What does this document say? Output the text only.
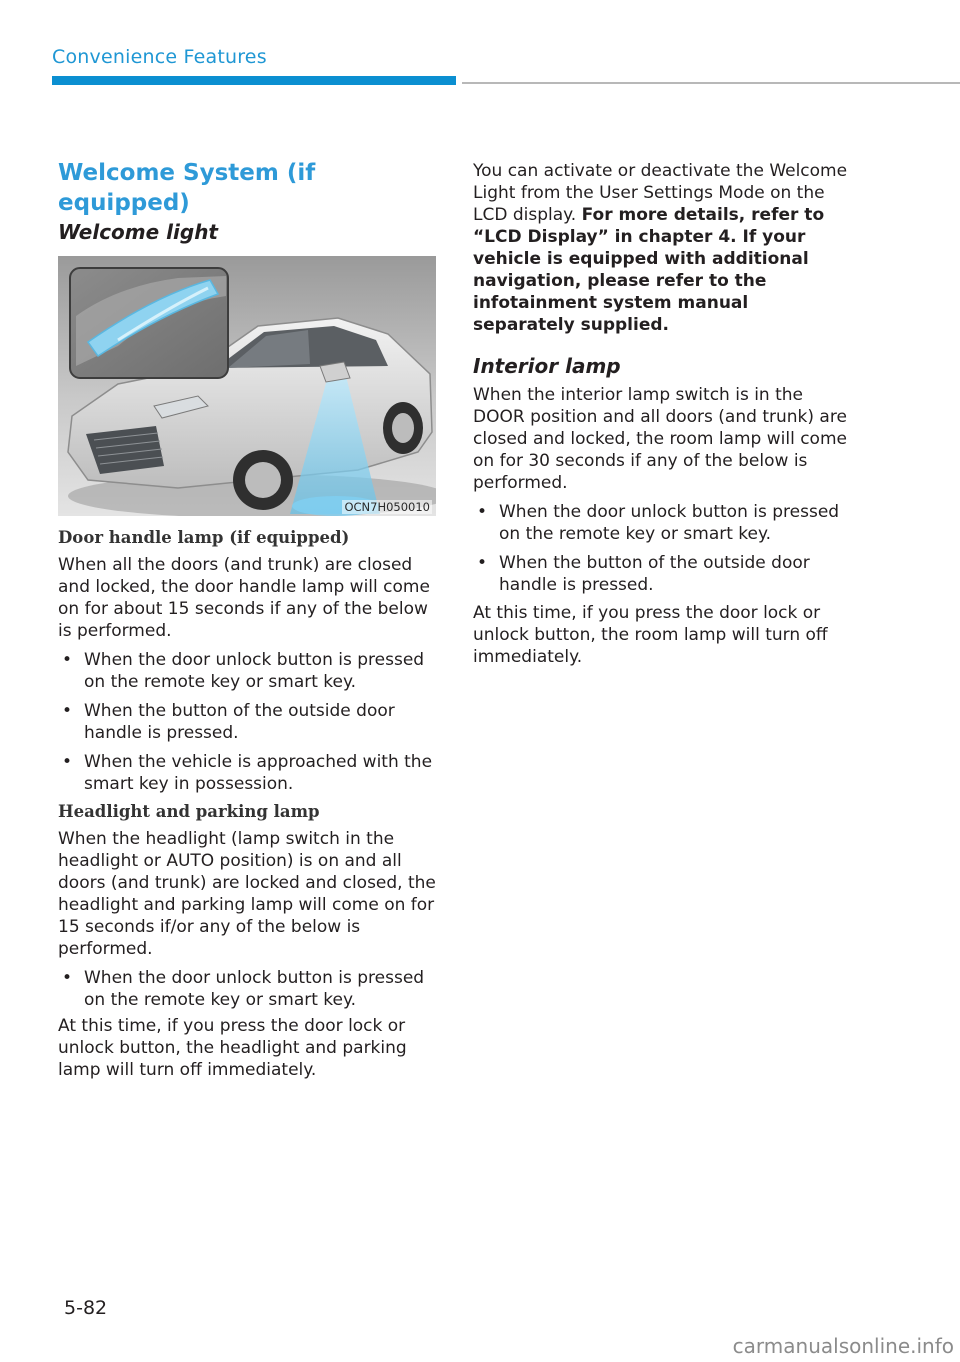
Convenience Features
Welcome System (if equipped)
Welcome light
OCN7H050010
Door handle lamp (if equipped)

When all the doors (and trunk) are closed and locked, the door handle lamp will come on for about 15 seconds if any of the below is performed.

• When the door unlock button is pressed on the remote key or smart key.
• When the button of the outside door handle is pressed.
• When the vehicle is approached with the smart key in possession.
Headlight and parking lamp

When the headlight (lamp switch in the headlight or AUTO position) is on and all doors (and trunk) are locked and closed, the headlight and parking lamp will come on for 15 seconds if/or any of the below is performed.

• When the door unlock button is pressed on the remote key or smart key.

At this time, if you press the door lock or unlock button, the headlight and parking lamp will turn off immediately.

You can activate or deactivate the Welcome Light from the User Settings Mode on the LCD display. For more details, refer to “LCD Display” in chapter 4. If your vehicle is equipped with additional navigation, please refer to the infotainment system manual separately supplied.

Interior lamp

When the interior lamp switch is in the DOOR position and all doors (and trunk) are closed and locked, the room lamp will come on for 30 seconds if any of the below is performed.

• When the door unlock button is pressed on the remote key or smart key.
• When the button of the outside door handle is pressed.

At this time, if you press the door lock or unlock button, the room lamp will turn off immediately.

5-82
carmanualsonline.info
